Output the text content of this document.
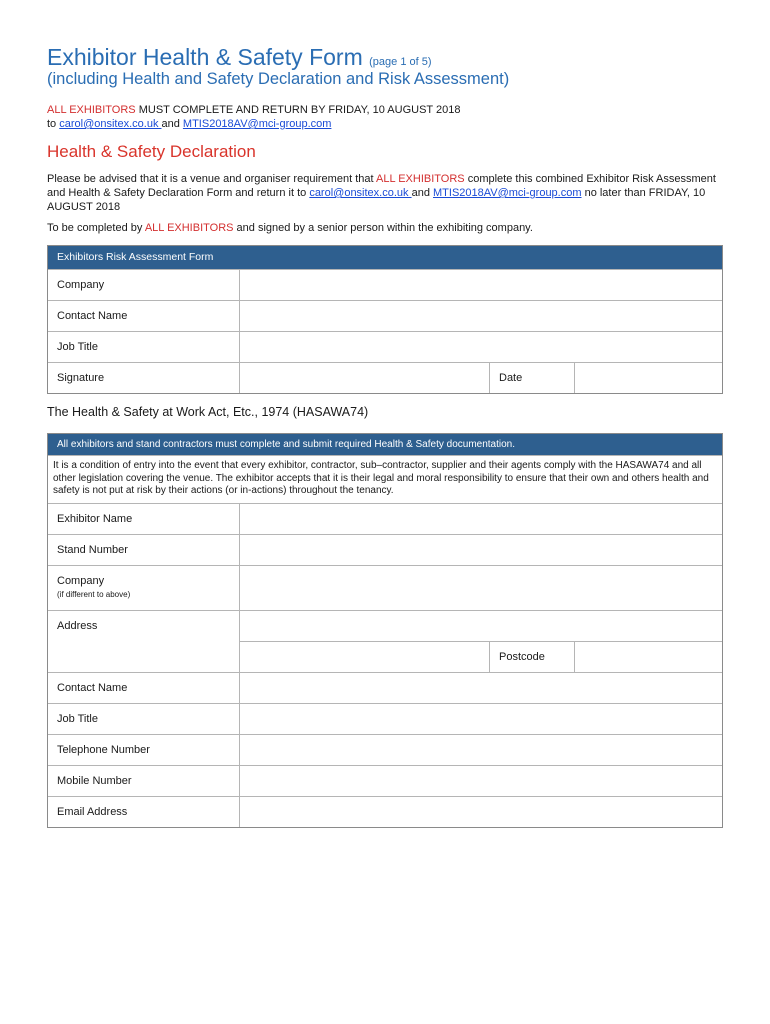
Exhibitor Health & Safety Form (page 1 of 5)
(including Health and Safety Declaration and Risk Assessment)
ALL EXHIBITORS MUST COMPLETE AND RETURN BY FRIDAY, 10 AUGUST 2018
to carol@onsitex.co.uk and MTIS2018AV@mci-group.com
Health & Safety Declaration
Please be advised that it is a venue and organiser requirement that ALL EXHIBITORS complete this combined Exhibitor Risk Assessment and Health & Safety Declaration Form and return it to carol@onsitex.co.uk and MTIS2018AV@mci-group.com no later than FRIDAY, 10 AUGUST 2018
To be completed by ALL EXHIBITORS and signed by a senior person within the exhibiting company.
Exhibitors Risk Assessment Form
Company
Contact Name
Job Title
Signature	Date
The Health & Safety at Work Act, Etc., 1974 (HASAWA74)
All exhibitors and stand contractors must complete and submit required Health & Safety documentation.
It is a condition of entry into the event that every exhibitor, contractor, sub–contractor, supplier and their agents comply with the HASAWA74 and all other legislation covering the venue. The exhibitor accepts that it is their legal and moral responsibility to ensure that their own and others health and safety is not put at risk by their actions (or in-actions) throughout the tenancy.
Exhibitor Name
Stand Number
Company
(if different to above)
Address
Postcode
Contact Name
Job Title
Telephone Number
Mobile Number
Email Address
